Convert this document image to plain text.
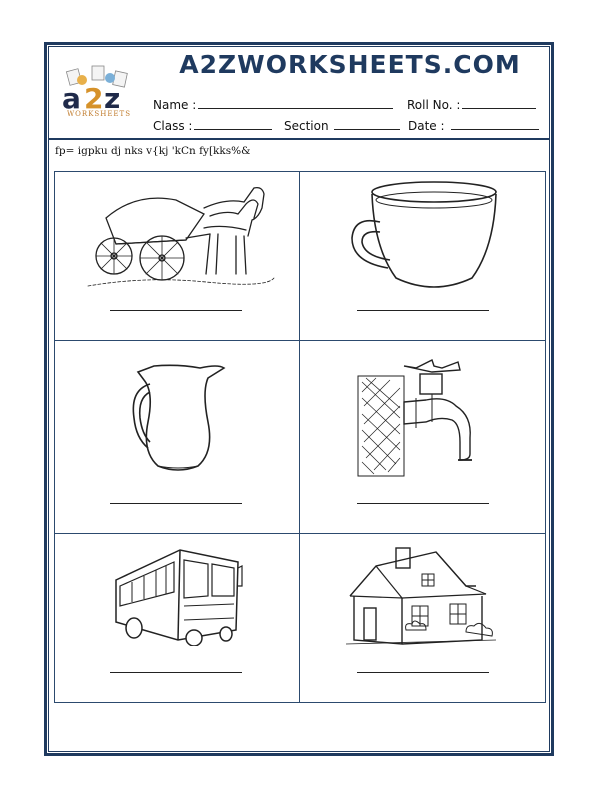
a 2 z
WORKSHEETS
A2ZWORKSHEETS.COM
Name :	Roll No. :
Class :	Section	Date :
fp= igpku dj nks v{kj 'kCn fy[kks%&
